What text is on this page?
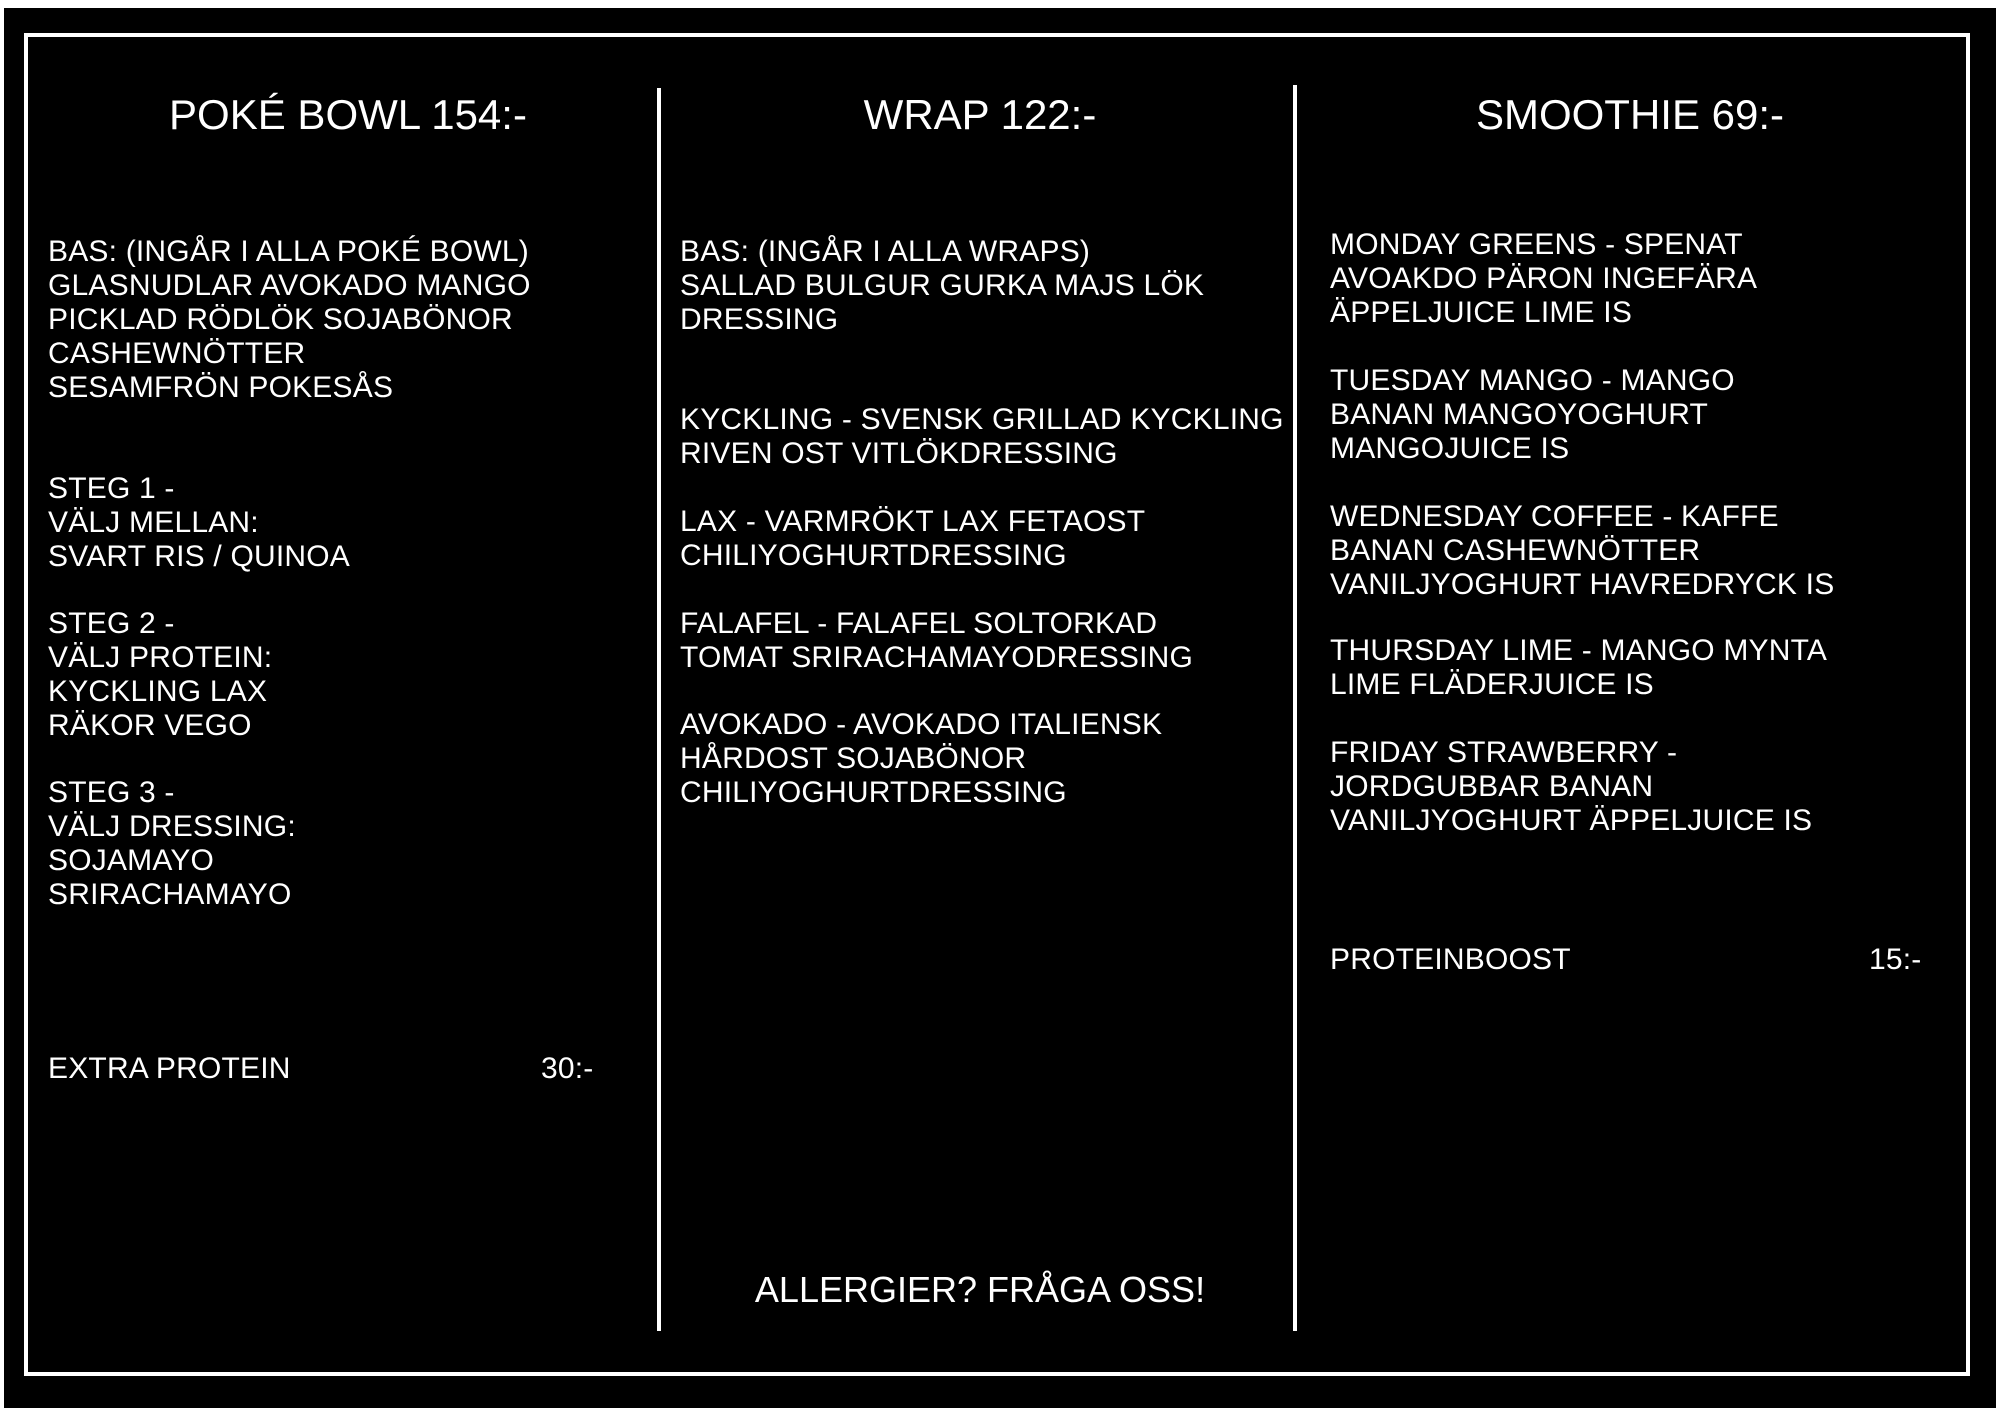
POKÉ BOWL 154:-	WRAP 122:-	SMOOTHIE 69:-
BAS: (INGÅR I ALLA POKÉ BOWL)
GLASNUDLAR AVOKADO MANGO
PICKLAD RÖDLÖK SOJABÖNOR
CASHEWNÖTTER
SESAMFRÖN POKESÅS
STEG 1 -
VÄLJ MELLAN:
SVART RIS / QUINOA
STEG 2 -
VÄLJ PROTEIN:
KYCKLING LAX
RÄKOR VEGO
STEG 3 -
VÄLJ DRESSING:
SOJAMAYO
SRIRACHAMAYO
EXTRA PROTEIN	30:-
BAS: (INGÅR I ALLA WRAPS)
SALLAD BULGUR GURKA MAJS LÖK
DRESSING
KYCKLING - SVENSK GRILLAD KYCKLING
RIVEN OST VITLÖKDRESSING
LAX - VARMRÖKT LAX FETAOST
CHILIYOGHURTDRESSING
FALAFEL - FALAFEL SOLTORKAD
TOMAT SRIRACHAMAYODRESSING
AVOKADO - AVOKADO ITALIENSK
HÅRDOST SOJABÖNOR
CHILIYOGHURTDRESSING
MONDAY GREENS - SPENAT
AVOAKDO PÄRON INGEFÄRA
ÄPPELJUICE LIME IS
TUESDAY MANGO - MANGO
BANAN MANGOYOGHURT
MANGOJUICE IS
WEDNESDAY COFFEE - KAFFE
BANAN CASHEWNÖTTER
VANILJYOGHURT HAVREDRYCK IS
THURSDAY LIME - MANGO MYNTA
LIME FLÄDERJUICE IS
FRIDAY STRAWBERRY -
JORDGUBBAR BANAN
VANILJYOGHURT ÄPPELJUICE IS
PROTEINBOOST	15:-
ALLERGIER? FRÅGA OSS!
